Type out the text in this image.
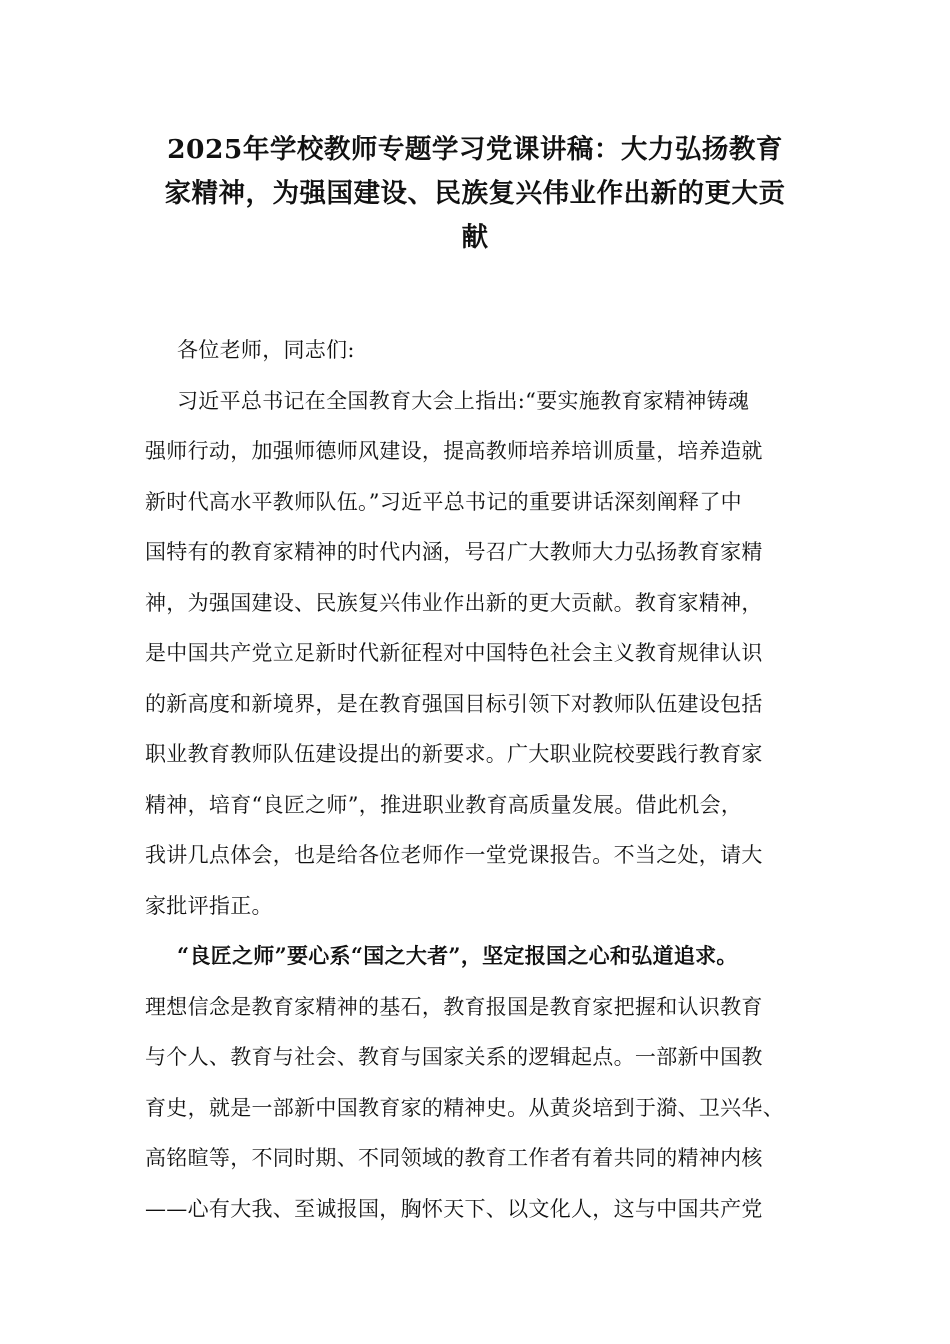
2025年学校教师专题学习党课讲稿：大力弘扬教育
家精神，为强国建设、民族复兴伟业作出新的更大贡
献
各位老师，同志们:
习近平总书记在全国教育大会上指出:“要实施教育家精神铸魂
强师行动，加强师德师风建设，提高教师培养培训质量，培养造就
新时代高水平教师队伍。”习近平总书记的重要讲话深刻阐释了中
国特有的教育家精神的时代内涵，号召广大教师大力弘扬教育家精
神，为强国建设、民族复兴伟业作出新的更大贡献。教育家精神，
是中国共产党立足新时代新征程对中国特色社会主义教育规律认识
的新高度和新境界，是在教育强国目标引领下对教师队伍建设包括
职业教育教师队伍建设提出的新要求。广大职业院校要践行教育家
精神，培育“良匠之师”，推进职业教育高质量发展。借此机会，
我讲几点体会，也是给各位老师作一堂党课报告。不当之处，请大
家批评指正。
“良匠之师”要心系“国之大者”，坚定报国之心和弘道追求。
理想信念是教育家精神的基石，教育报国是教育家把握和认识教育
与个人、教育与社会、教育与国家关系的逻辑起点。一部新中国教
育史，就是一部新中国教育家的精神史。从黄炎培到于漪、卫兴华、
高铭暄等，不同时期、不同领域的教育工作者有着共同的精神内核
——心有大我、至诚报国，胸怀天下、以文化人，这与中国共产党
